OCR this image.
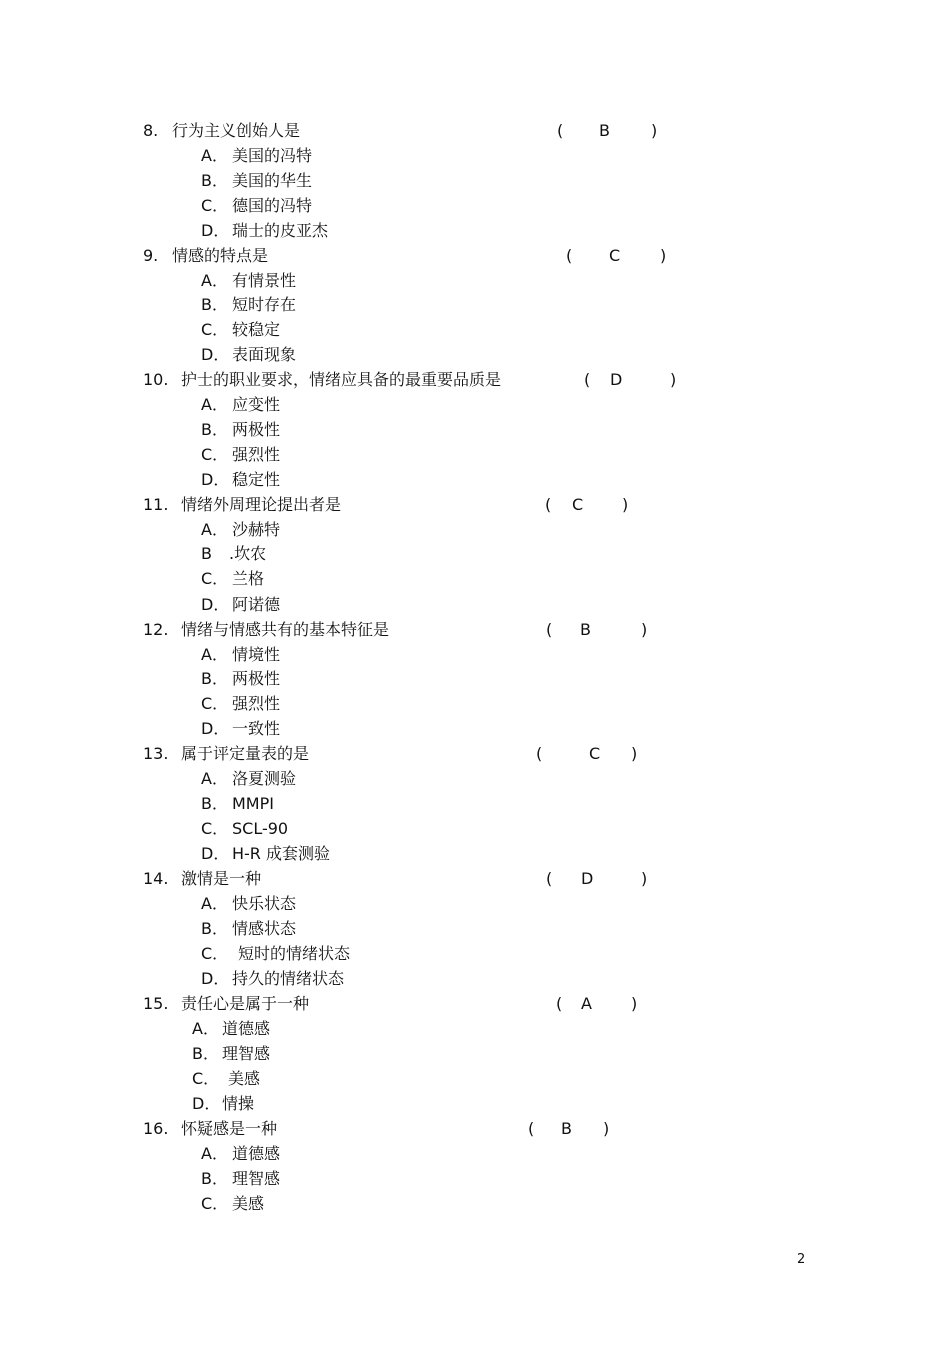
8.

行为主义创始人是

	(

B

	)

A． 美国的冯特
B． 美国的华生
C． 德国的冯特
D． 瑞士的皮亚杰

9.

情感的特点是

	(

C

)

A． 有情景性
B． 短时存在
C． 较稳定
D． 表面现象

10.

护士的职业要求，情绪应具备的最重要品质是

	(

D

	)

A． 应变性
B． 两极性
C． 强烈性
D． 稳定性

11.

情绪外周理论提出者是

	(

C

)

A． 沙赫特
B .坎农
C． 兰格
D． 阿诺德

12.

情绪与情感共有的基本特征是

	(

B

	)

A． 情境性
B． 两极性
C． 强烈性
D． 一致性

13.

属于评定量表的是

	(

	C

)

A． 洛夏测验
B． MMPI
C． SCL-90
D． H-R 成套测验

14.

激情是一种

	(

D

	)

A． 快乐状态
B． 情感状态
C． 短时的情绪状态
D． 持久的情绪状态

15.

责任心是属于一种

	(

A

)

A． 道德感
B． 理智感
C． 美感
D． 情操

16.

怀疑感是一种

	(

B

)

A． 道德感
B． 理智感
C． 美感
2
